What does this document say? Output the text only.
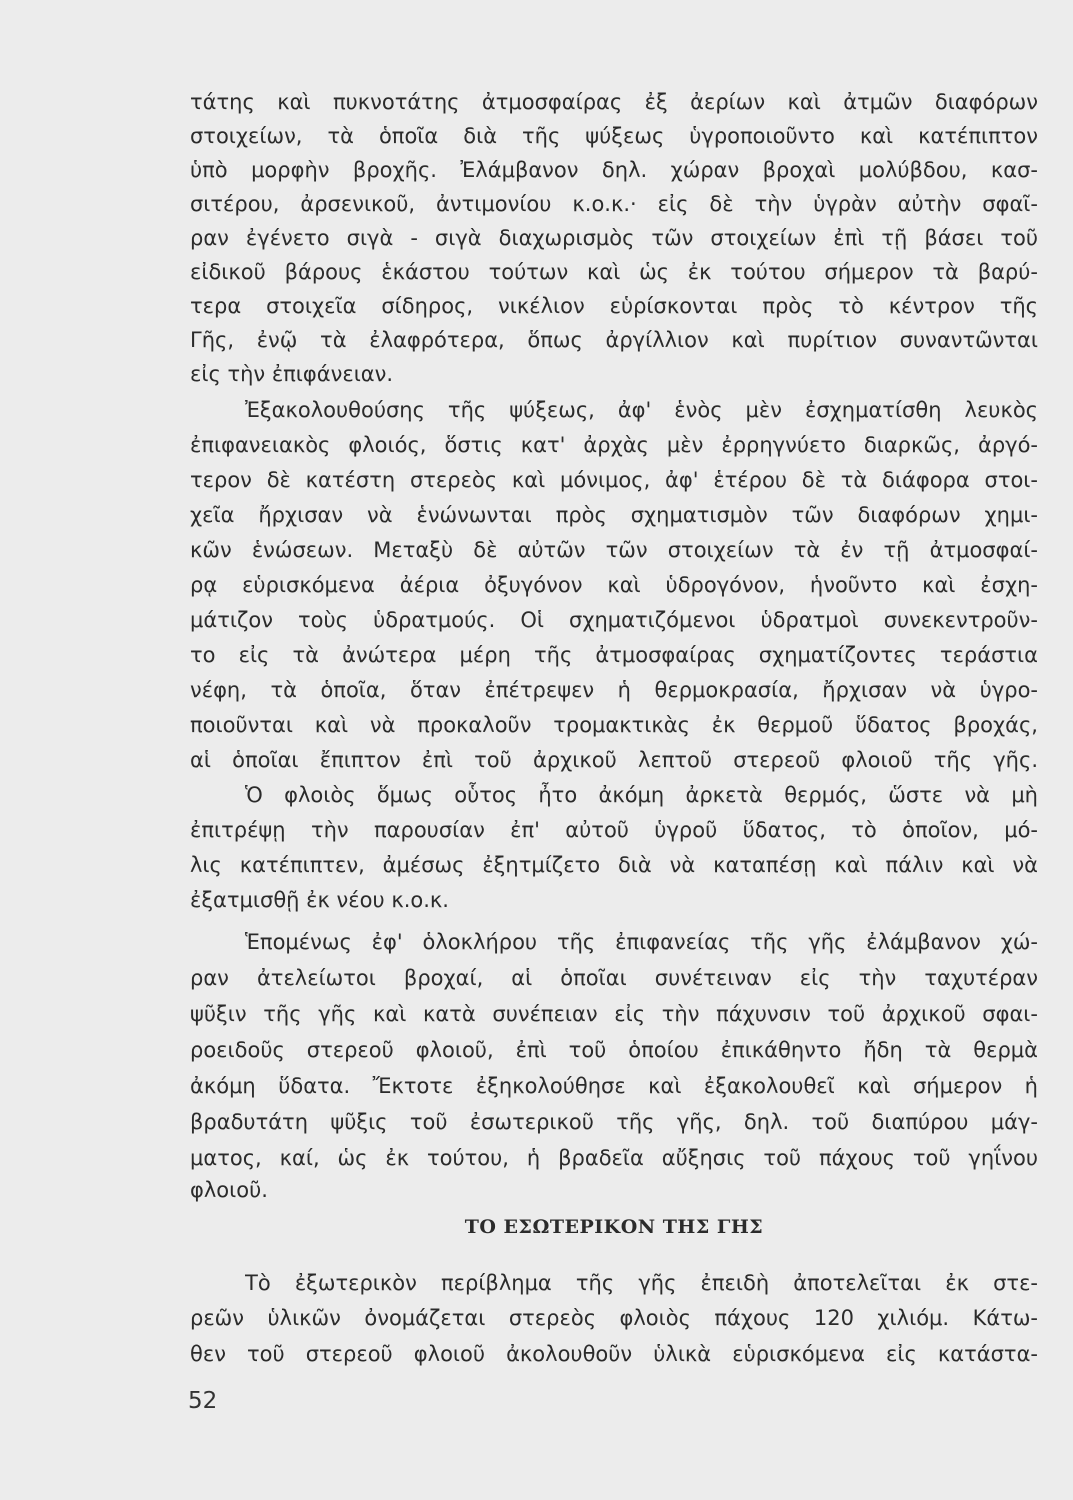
τάτης καὶ πυκνοτάτης ἀτμοσφαίρας ἐξ ἀερίων καὶ ἀτμῶν διαφόρων
στοιχείων, τὰ ὁποῖα διὰ τῆς ψύξεως ὑγροποιοῦντο καὶ κατέπιπτον
ὑπὸ μορφὴν βροχῆς. Ἐλάμβανον δηλ. χώραν βροχαὶ μολύβδου, κασ-
σιτέρου, ἀρσενικοῦ, ἀντιμονίου κ.ο.κ.· εἰς δὲ τὴν ὑγρὰν αὐτὴν σφαῖ-
ραν ἐγένετο σιγὰ - σιγὰ διαχωρισμὸς τῶν στοιχείων ἐπὶ τῇ βάσει τοῦ
εἰδικοῦ βάρους ἑκάστου τούτων καὶ ὡς ἐκ τούτου σήμερον τὰ βαρύ-
τερα στοιχεῖα σίδηρος, νικέλιον εὑρίσκονται πρὸς τὸ κέντρον τῆς
Γῆς, ἐνῷ τὰ ἐλαφρότερα, ὅπως ἀργίλλιον καὶ πυρίτιον συναντῶνται
εἰς τὴν ἐπιφάνειαν.
Ἐξακολουθούσης τῆς ψύξεως, ἀφ' ἑνὸς μὲν ἐσχηματίσθη λευκὸς
ἐπιφανειακὸς φλοιός, ὅστις κατ' ἀρχὰς μὲν ἐρρηγνύετο διαρκῶς, ἀργό-
τερον δὲ κατέστη στερεὸς καὶ μόνιμος, ἀφ' ἑτέρου δὲ τὰ διάφορα στοι-
χεῖα ἤρχισαν νὰ ἑνώνωνται πρὸς σχηματισμὸν τῶν διαφόρων χημι-
κῶν ἑνώσεων. Μεταξὺ δὲ αὐτῶν τῶν στοιχείων τὰ ἐν τῇ ἀτμοσφαί-
ρᾳ εὑρισκόμενα ἀέρια ὀξυγόνον καὶ ὑδρογόνον, ἡνοῦντο καὶ ἐσχη-
μάτιζον τοὺς ὑδρατμούς. Οἱ σχηματιζόμενοι ὑδρατμοὶ συνεκεντροῦν-
το εἰς τὰ ἀνώτερα μέρη τῆς ἀτμοσφαίρας σχηματίζοντες τεράστια
νέφη, τὰ ὁποῖα, ὅταν ἐπέτρεψεν ἡ θερμοκρασία, ἤρχισαν νὰ ὑγρο-
ποιοῦνται καὶ νὰ προκαλοῦν τρομακτικὰς ἐκ θερμοῦ ὕδατος βροχάς,
αἱ ὁποῖαι ἔπιπτον ἐπὶ τοῦ ἀρχικοῦ λεπτοῦ στερεοῦ φλοιοῦ τῆς γῆς.
Ὁ φλοιὸς ὅμως οὗτος ἦτο ἀκόμη ἀρκετὰ θερμός, ὥστε νὰ μὴ
ἐπιτρέψῃ τὴν παρουσίαν ἐπ' αὐτοῦ ὑγροῦ ὕδατος, τὸ ὁποῖον, μό-
λις κατέπιπτεν, ἀμέσως ἐξητμίζετο διὰ νὰ καταπέσῃ καὶ πάλιν καὶ νὰ
ἐξατμισθῇ ἐκ νέου κ.ο.κ.
Ἑπομένως ἐφ' ὁλοκλήρου τῆς ἐπιφανείας τῆς γῆς ἐλάμβανον χώ-
ραν ἀτελείωτοι βροχαί, αἱ ὁποῖαι συνέτειναν εἰς τὴν ταχυτέραν
ψῦξιν τῆς γῆς καὶ κατὰ συνέπειαν εἰς τὴν πάχυνσιν τοῦ ἀρχικοῦ σφαι-
ροειδοῦς στερεοῦ φλοιοῦ, ἐπὶ τοῦ ὁποίου ἐπικάθηντο ἤδη τὰ θερμὰ
ἀκόμη ὕδατα. Ἔκτοτε ἐξηκολούθησε καὶ ἐξακολουθεῖ καὶ σήμερον ἡ
βραδυτάτη ψῦξις τοῦ ἐσωτερικοῦ τῆς γῆς, δηλ. τοῦ διαπύρου μάγ-
ματος, καί, ὡς ἐκ τούτου, ἡ βραδεῖα αὔξησις τοῦ πάχους τοῦ γηΐνου
φλοιοῦ.
ΤΟ ΕΣΩΤΕΡΙΚΟΝ ΤΗΣ ΓΗΣ
Τὸ ἐξωτερικὸν περίβλημα τῆς γῆς ἐπειδὴ ἀποτελεῖται ἐκ στε-
ρεῶν ὑλικῶν ὀνομάζεται στερεὸς φλοιὸς πάχους 120 χιλιόμ. Κάτω-
θεν τοῦ στερεοῦ φλοιοῦ ἀκολουθοῦν ὑλικὰ εὑρισκόμενα εἰς κατάστα-
52
